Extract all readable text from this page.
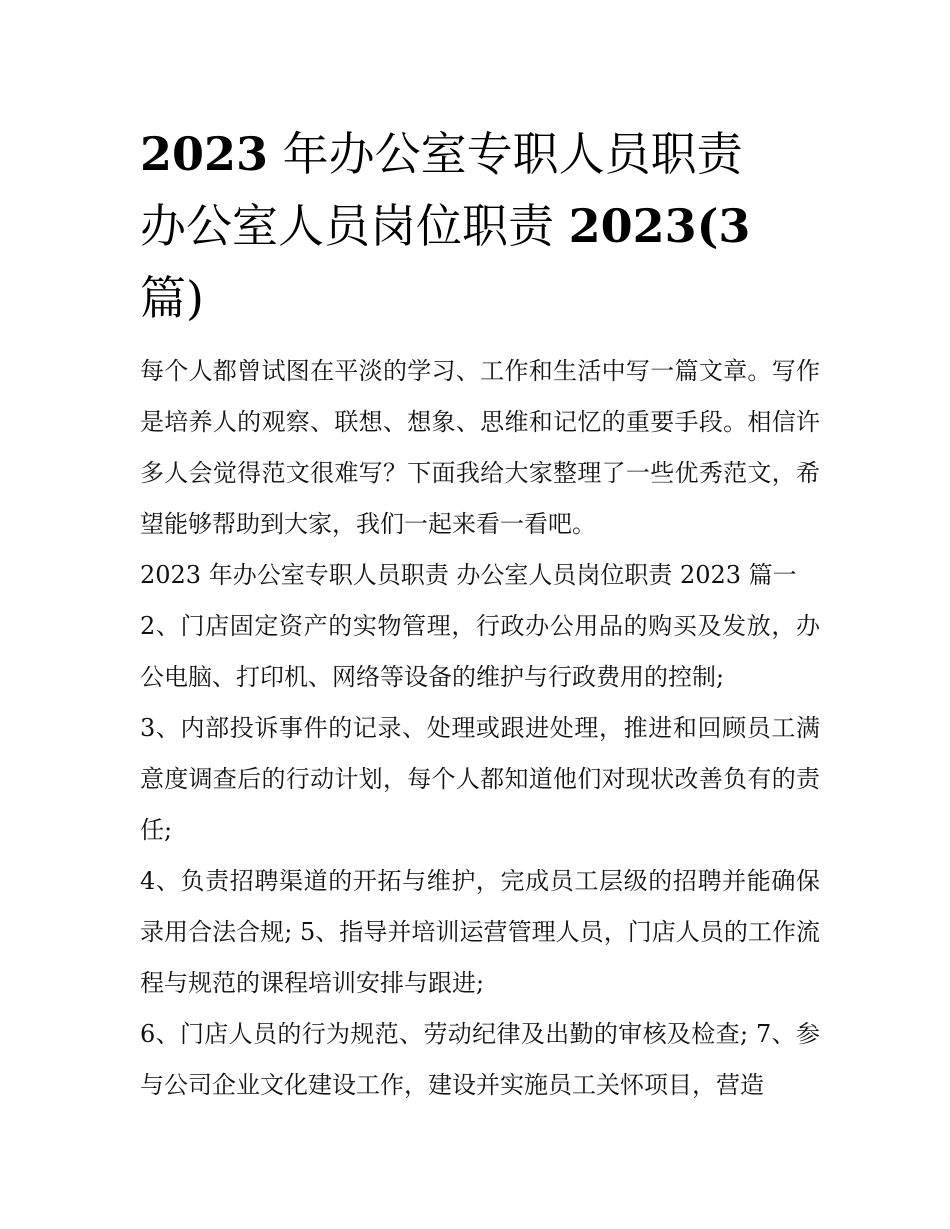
2023 年办公室专职人员职责
办公室人员岗位职责 2023(3
篇)

每个人都曾试图在平淡的学习、工作和生活中写一篇文章。写作是培养人的观察、联想、想象、思维和记忆的重要手段。相信许多人会觉得范文很难写？下面我给大家整理了一些优秀范文，希望能够帮助到大家，我们一起来看一看吧。

2023 年办公室专职人员职责 办公室人员岗位职责 2023 篇一

2、门店固定资产的实物管理，行政办公用品的购买及发放，办公电脑、打印机、网络等设备的维护与行政费用的控制;

3、内部投诉事件的记录、处理或跟进处理，推进和回顾员工满意度调查后的行动计划，每个人都知道他们对现状改善负有的责任;

4、负责招聘渠道的开拓与维护，完成员工层级的招聘并能确保录用合法合规; 5、指导并培训运营管理人员，门店人员的工作流程与规范的课程培训安排与跟进;

6、门店人员的行为规范、劳动纪律及出勤的审核及检查; 7、参与公司企业文化建设工作，建设并实施员工关怀项目，营造
